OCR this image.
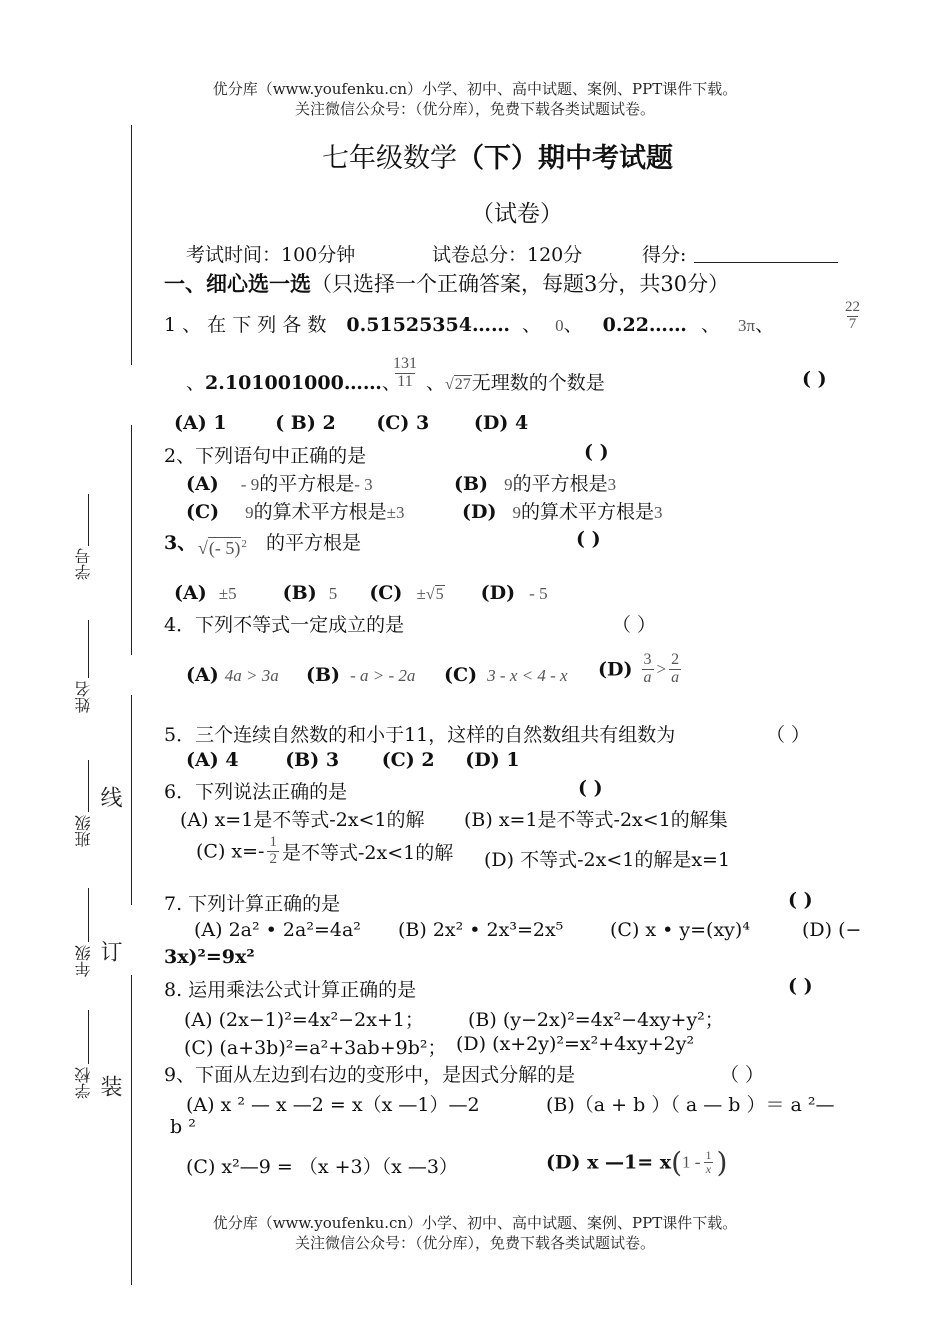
优分库（www.youfenku.cn）小学、初中、高中试题、案例、PPT课件下载。
关注微信公众号：（优分库），免费下载各类试题试卷。
学号
姓名
班级
年级
学校
线
订
装
七年级数学（下）期中考试题
（试卷）
考试时间：100分钟	试卷总分：120分	得分:
一、细心选一选（只选择一个正确答案，每题3分，共30分）
1 、 在 下 列 各 数 0.51525354…… 、 0、 0.22…… 、 3π、	$\frac{22}{7}$
、2.101001000……、
$\frac{131}{11}$ 、√27无理数的个数是	( )
(A) 1	( B) 2 (C) 3 (D) 4
2、下列语句中正确的是	( )
(A) - 9的平方根是- 3	(B) 9的平方根是3
(C) 9的算术平方根是±3	(D) 9的算术平方根是3
3、 √(- 5)$^2$ 的平方根是	( )
(A) ±5 (B) 5 (C) ±√5 (D) - 5
4．下列不等式一定成立的是	（ ）
(A) 4a > 3a (B) - a > - 2a (C) 3 - x < 4 - x $(D) \frac{3}{a} > \frac{2}{a}$
5．三个连续自然数的和小于11，这样的自然数组共有组数为	（ ）
(A) 4 (B) 3 (C) 2 (D) 1
6．下列说法正确的是	( )
(A) x=1是不等式-2x<1的解 (B) x=1是不等式-2x<1的解集
(C) $x=- \frac{1}{2}$ 是不等式-2x<1的解 (D) 不等式-2x<1的解是x=1
7. 下列计算正确的是	( )
(A) 2a² • 2a²=4a² (B) 2x² • 2x³=2x⁵ (C) x • y=(xy)⁴	(D) (−
3x)²=9x²
8. 运用乘法公式计算正确的是	( )
(A) (2x−1)²=4x²−2x+1； (B) (y−2x)²=4x²−4xy+y²；
(C) (a+3b)²=a²+3ab+9b²； (D) (x+2y)²=x²+4xy+2y²
9、下面从左边到右边的变形中，是因式分解的是	（ ）
(A) x ² — x —2 = x（x —1）—2	(B)（a + b ）（ a — b ）＝ a ²—
b ²
(C) x²—9 = （x +3）（x —3）	(D) x —1= $x(1 - \frac{1}{x}$ )
优分库（www.youfenku.cn）小学、初中、高中试题、案例、PPT课件下载。
关注微信公众号：（优分库），免费下载各类试题试卷。
